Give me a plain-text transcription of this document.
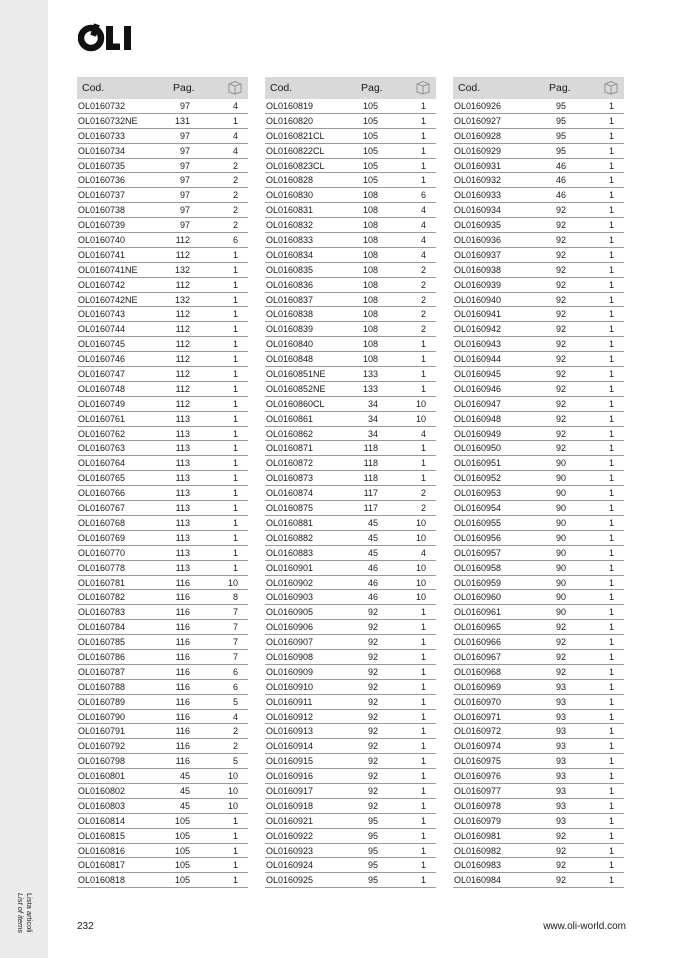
Lista articoli
List of items
Cod.	Pag.
OL0160732	97	4
OL0160732NE	131	1
OL0160733	97	4
OL0160734	97	4
OL0160735	97	2
OL0160736	97	2
OL0160737	97	2
OL0160738	97	2
OL0160739	97	2
OL0160740	112	6
OL0160741	112	1
OL0160741NE	132	1
OL0160742	112	1
OL0160742NE	132	1
OL0160743	112	1
OL0160744	112	1
OL0160745	112	1
OL0160746	112	1
OL0160747	112	1
OL0160748	112	1
OL0160749	112	1
OL0160761	113	1
OL0160762	113	1
OL0160763	113	1
OL0160764	113	1
OL0160765	113	1
OL0160766	113	1
OL0160767	113	1
OL0160768	113	1
OL0160769	113	1
OL0160770	113	1
OL0160778	113	1
OL0160781	116	10
OL0160782	116	8
OL0160783	116	7
OL0160784	116	7
OL0160785	116	7
OL0160786	116	7
OL0160787	116	6
OL0160788	116	6
OL0160789	116	5
OL0160790	116	4
OL0160791	116	2
OL0160792	116	2
OL0160798	116	5
OL0160801	45	10
OL0160802	45	10
OL0160803	45	10
OL0160814	105	1
OL0160815	105	1
OL0160816	105	1
OL0160817	105	1
OL0160818	105	1
Cod.	Pag.
OL0160819	105	1
OL0160820	105	1
OL0160821CL	105	1
OL0160822CL	105	1
OL0160823CL	105	1
OL0160828	105	1
OL0160830	108	6
OL0160831	108	4
OL0160832	108	4
OL0160833	108	4
OL0160834	108	4
OL0160835	108	2
OL0160836	108	2
OL0160837	108	2
OL0160838	108	2
OL0160839	108	2
OL0160840	108	1
OL0160848	108	1
OL0160851NE	133	1
OL0160852NE	133	1
OL0160860CL	34	10
OL0160861	34	10
OL0160862	34	4
OL0160871	118	1
OL0160872	118	1
OL0160873	118	1
OL0160874	117	2
OL0160875	117	2
OL0160881	45	10
OL0160882	45	10
OL0160883	45	4
OL0160901	46	10
OL0160902	46	10
OL0160903	46	10
OL0160905	92	1
OL0160906	92	1
OL0160907	92	1
OL0160908	92	1
OL0160909	92	1
OL0160910	92	1
OL0160911	92	1
OL0160912	92	1
OL0160913	92	1
OL0160914	92	1
OL0160915	92	1
OL0160916	92	1
OL0160917	92	1
OL0160918	92	1
OL0160921	95	1
OL0160922	95	1
OL0160923	95	1
OL0160924	95	1
OL0160925	95	1
Cod.	Pag.
OL0160926	95	1
OL0160927	95	1
OL0160928	95	1
OL0160929	95	1
OL0160931	46	1
OL0160932	46	1
OL0160933	46	1
OL0160934	92	1
OL0160935	92	1
OL0160936	92	1
OL0160937	92	1
OL0160938	92	1
OL0160939	92	1
OL0160940	92	1
OL0160941	92	1
OL0160942	92	1
OL0160943	92	1
OL0160944	92	1
OL0160945	92	1
OL0160946	92	1
OL0160947	92	1
OL0160948	92	1
OL0160949	92	1
OL0160950	92	1
OL0160951	90	1
OL0160952	90	1
OL0160953	90	1
OL0160954	90	1
OL0160955	90	1
OL0160956	90	1
OL0160957	90	1
OL0160958	90	1
OL0160959	90	1
OL0160960	90	1
OL0160961	90	1
OL0160965	92	1
OL0160966	92	1
OL0160967	92	1
OL0160968	92	1
OL0160969	93	1
OL0160970	93	1
OL0160971	93	1
OL0160972	93	1
OL0160974	93	1
OL0160975	93	1
OL0160976	93	1
OL0160977	93	1
OL0160978	93	1
OL0160979	93	1
OL0160981	92	1
OL0160982	92	1
OL0160983	92	1
OL0160984	92	1
232	www.oli-world.com
